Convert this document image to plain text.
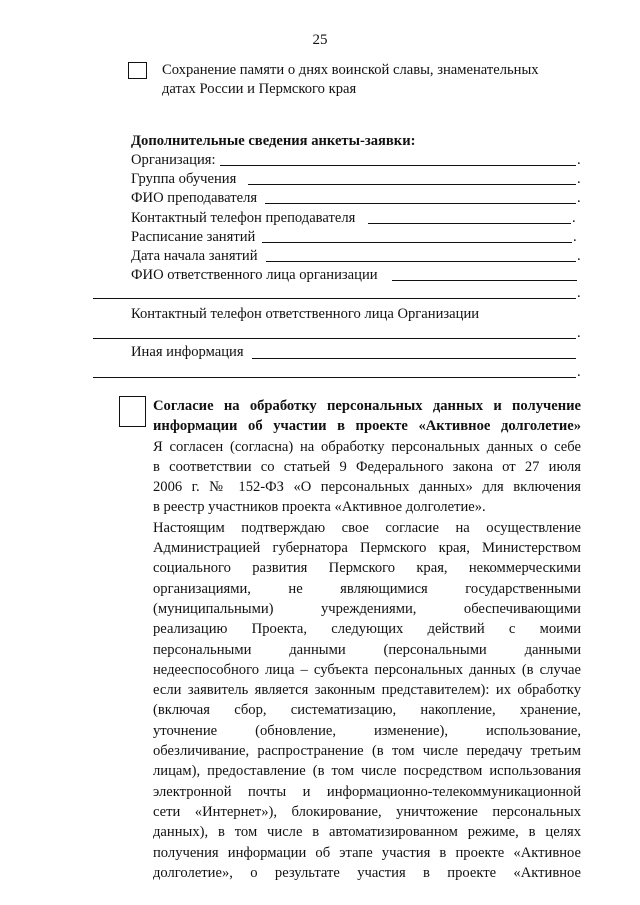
25
Сохранение памяти о днях воинской славы, знаменательных
датах России и Пермского края
Дополнительные сведения анкеты-заявки:
Организация:	.
Группа обучения	.
ФИО преподавателя	.
Контактный телефон преподавателя	.
Расписание занятий	.
Дата начала занятий	.
ФИО ответственного лица организации
.
Контактный телефон ответственного лица Организации
.
Иная информация
.
Согласие на обработку персональных данных и получение
информации об участии в проекте «Активное долголетие»
Я согласен (согласна) на обработку персональных данных о себе
в соответствии со статьей 9 Федерального закона от 27 июля
2006 г. № 152-ФЗ «О персональных данных» для включения
в реестр участников проекта «Активное долголетие».
Настоящим подтверждаю свое согласие на осуществление
Администрацией губернатора Пермского края, Министерством
социального развития Пермского края, некоммерческими
организациями, не являющимися государственными
(муниципальными) учреждениями, обеспечивающими
реализацию Проекта, следующих действий с моими
персональными данными (персональными данными
недееспособного лица – субъекта персональных данных (в случае
если заявитель является законным представителем): их обработку
(включая сбор, систематизацию, накопление, хранение,
уточнение (обновление, изменение), использование,
обезличивание, распространение (в том числе передачу третьим
лицам), предоставление (в том числе посредством использования
электронной почты и информационно-телекоммуникационной
сети «Интернет»), блокирование, уничтожение персональных
данных), в том числе в автоматизированном режиме, в целях
получения информации об этапе участия в проекте «Активное
долголетие», о результате участия в проекте «Активное
